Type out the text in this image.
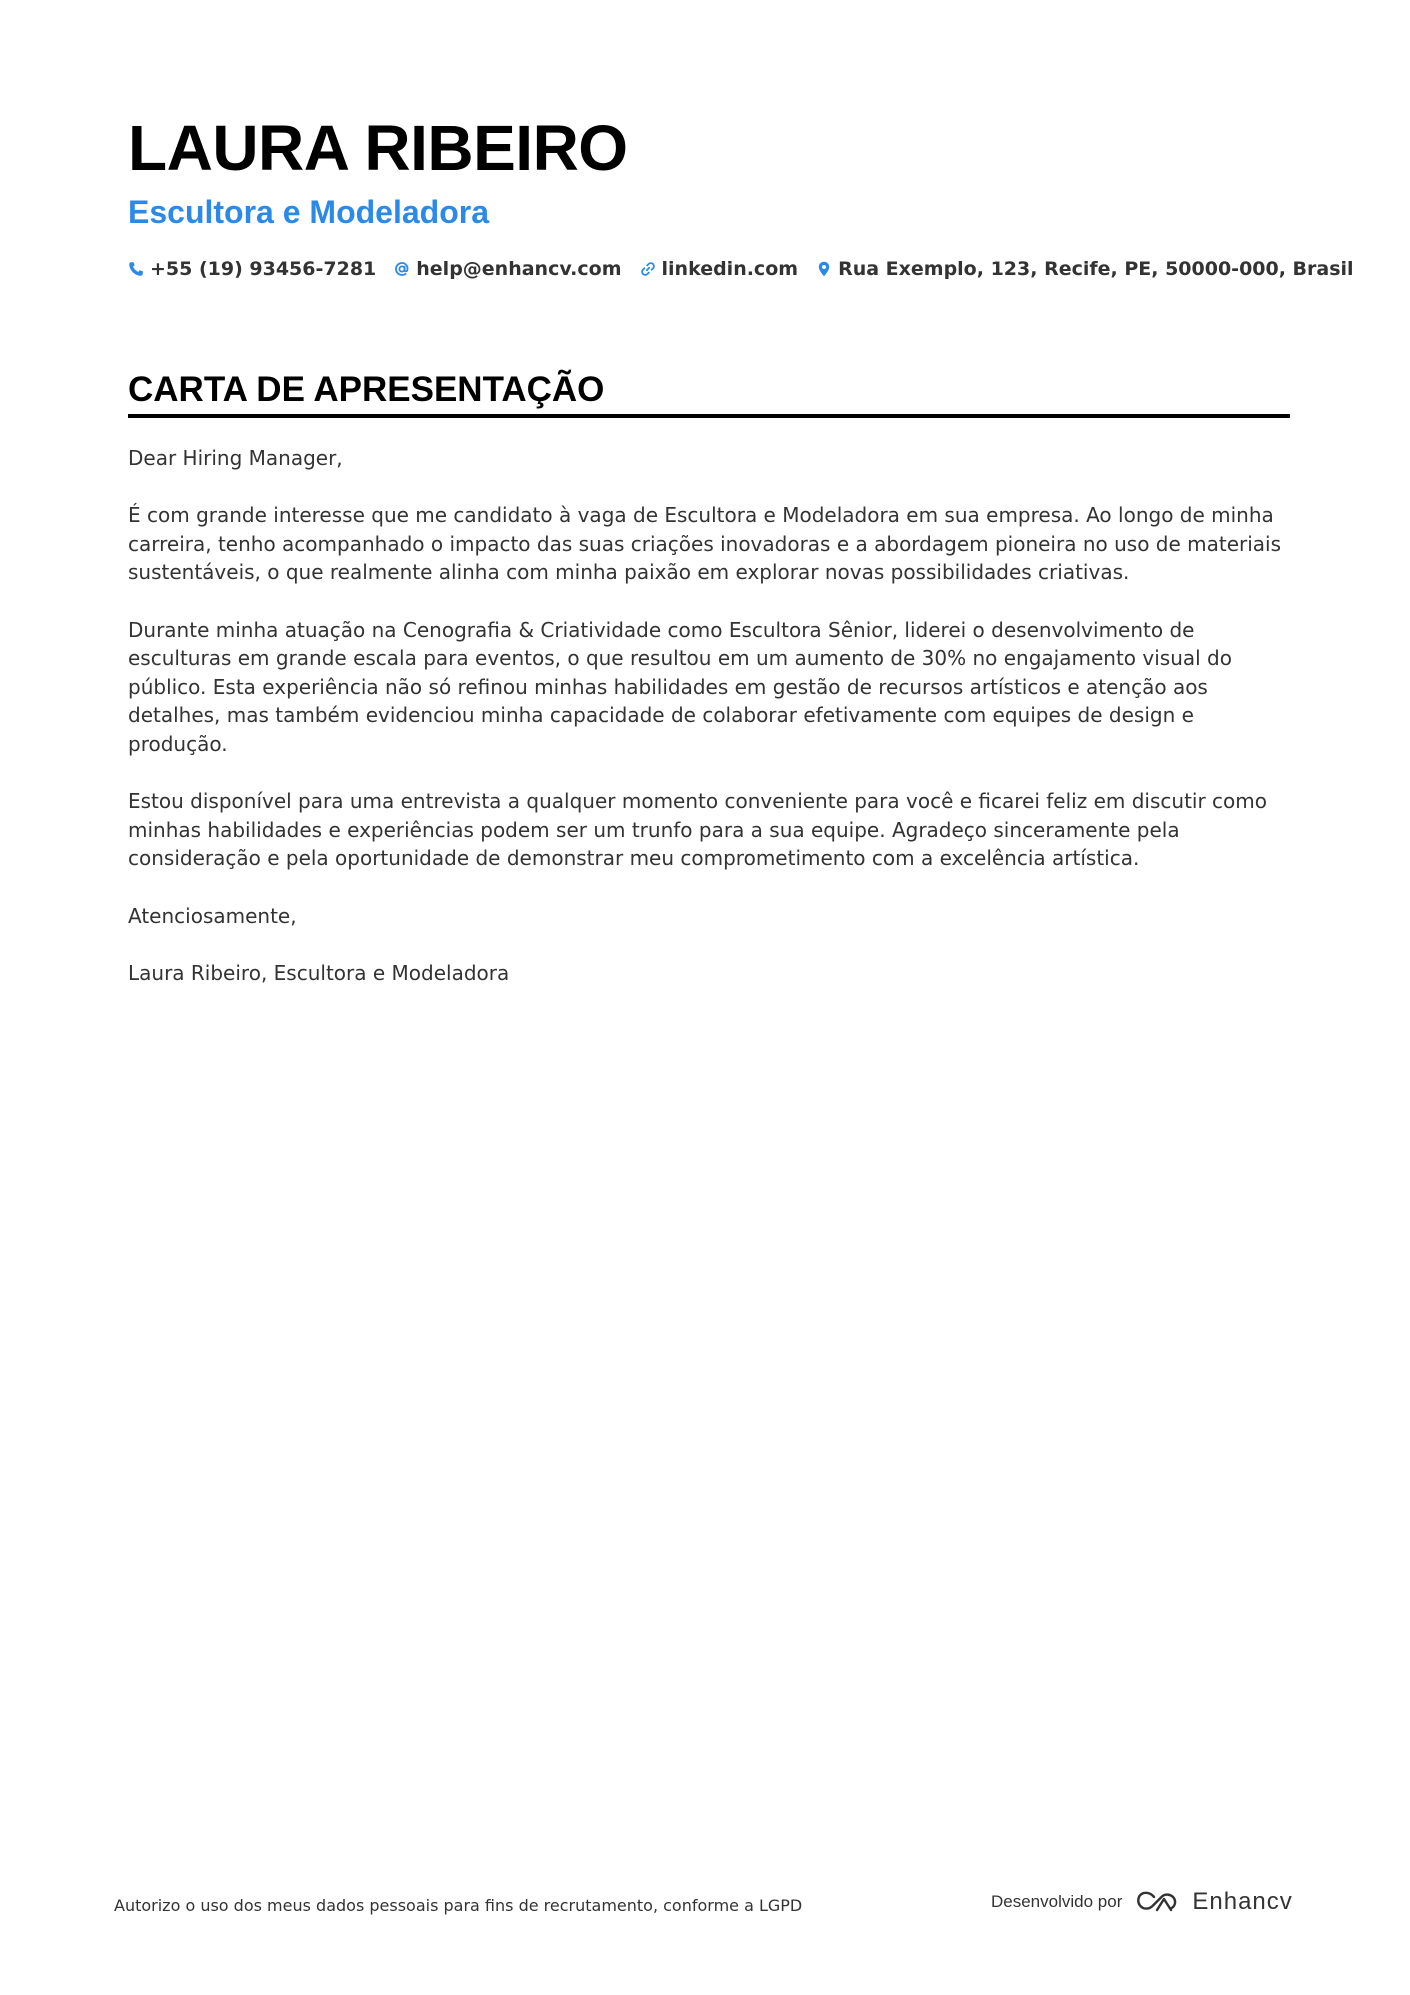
LAURA RIBEIRO
Escultora e Modeladora
+55 (19) 93456-7281 help@enhancv.com linkedin.com Rua Exemplo, 123, Recife, PE, 50000-000, Brasil
CARTA DE APRESENTAÇÃO

Dear Hiring Manager,

É com grande interesse que me candidato à vaga de Escultora e Modeladora em sua empresa. Ao longo de minha carreira, tenho acompanhado o impacto das suas criações inovadoras e a abordagem pioneira no uso de materiais sustentáveis, o que realmente alinha com minha paixão em explorar novas possibilidades criativas.

Durante minha atuação na Cenografia & Criatividade como Escultora Sênior, liderei o desenvolvimento de esculturas em grande escala para eventos, o que resultou em um aumento de 30% no engajamento visual do público. Esta experiência não só refinou minhas habilidades em gestão de recursos artísticos e atenção aos detalhes, mas também evidenciou minha capacidade de colaborar efetivamente com equipes de design e produção.

Estou disponível para uma entrevista a qualquer momento conveniente para você e ficarei feliz em discutir como minhas habilidades e experiências podem ser um trunfo para a sua equipe. Agradeço sinceramente pela consideração e pela oportunidade de demonstrar meu comprometimento com a excelência artística.

Atenciosamente,

Laura Ribeiro, Escultora e Modeladora

Autorizo o uso dos meus dados pessoais para fins de recrutamento, conforme a LGPD	Desenvolvido por	Enhancv
